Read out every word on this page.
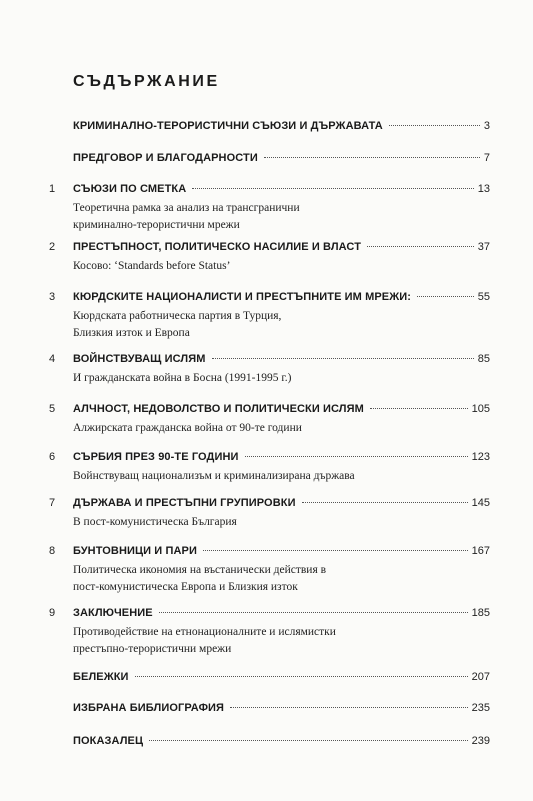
СЪДЪРЖАНИЕ
КРИМИНАЛНО-ТЕРОРИСТИЧНИ СЪЮЗИ И ДЪРЖАВАТА	3
ПРЕДГОВОР И БЛАГОДАРНОСТИ	7
1 СЪЮЗИ ПО СМЕТКА	13
Теоретична рамка за анализ на трансгранични
криминално-терористични мрежи
2 ПРЕСТЪПНОСТ, ПОЛИТИЧЕСКО НАСИЛИЕ И ВЛАСТ	37
Косово: ‘Standards before Status’
3 КЮРДСКИТЕ НАЦИОНАЛИСТИ И ПРЕСТЪПНИТЕ ИМ МРЕЖИ:	55
Кюрдската работническа партия в Турция,
Близкия изток и Европа
4 ВОЙНСТВУВАЩ ИСЛЯМ	85
И гражданската война в Босна (1991-1995 г.)
5 АЛЧНОСТ, НЕДОВОЛСТВО И ПОЛИТИЧЕСКИ ИСЛЯМ	105
Алжирската гражданска война от 90-те години
6 СЪРБИЯ ПРЕЗ 90-ТЕ ГОДИНИ	123
Войнствуващ национализъм и криминализирана държава
7 ДЪРЖАВА И ПРЕСТЪПНИ ГРУПИРОВКИ	145
В пост-комунистическа България
8 БУНТОВНИЦИ И ПАРИ	167
Политическа икономия на въстанически действия в
пост-комунистическа Европа и Близкия изток
9 ЗАКЛЮЧЕНИЕ	185
Противодействие на етнонационалните и ислямистки
престъпно-терористични мрежи
БЕЛЕЖКИ	207
ИЗБРАНА БИБЛИОГРАФИЯ	235
ПОКАЗАЛЕЦ	239
